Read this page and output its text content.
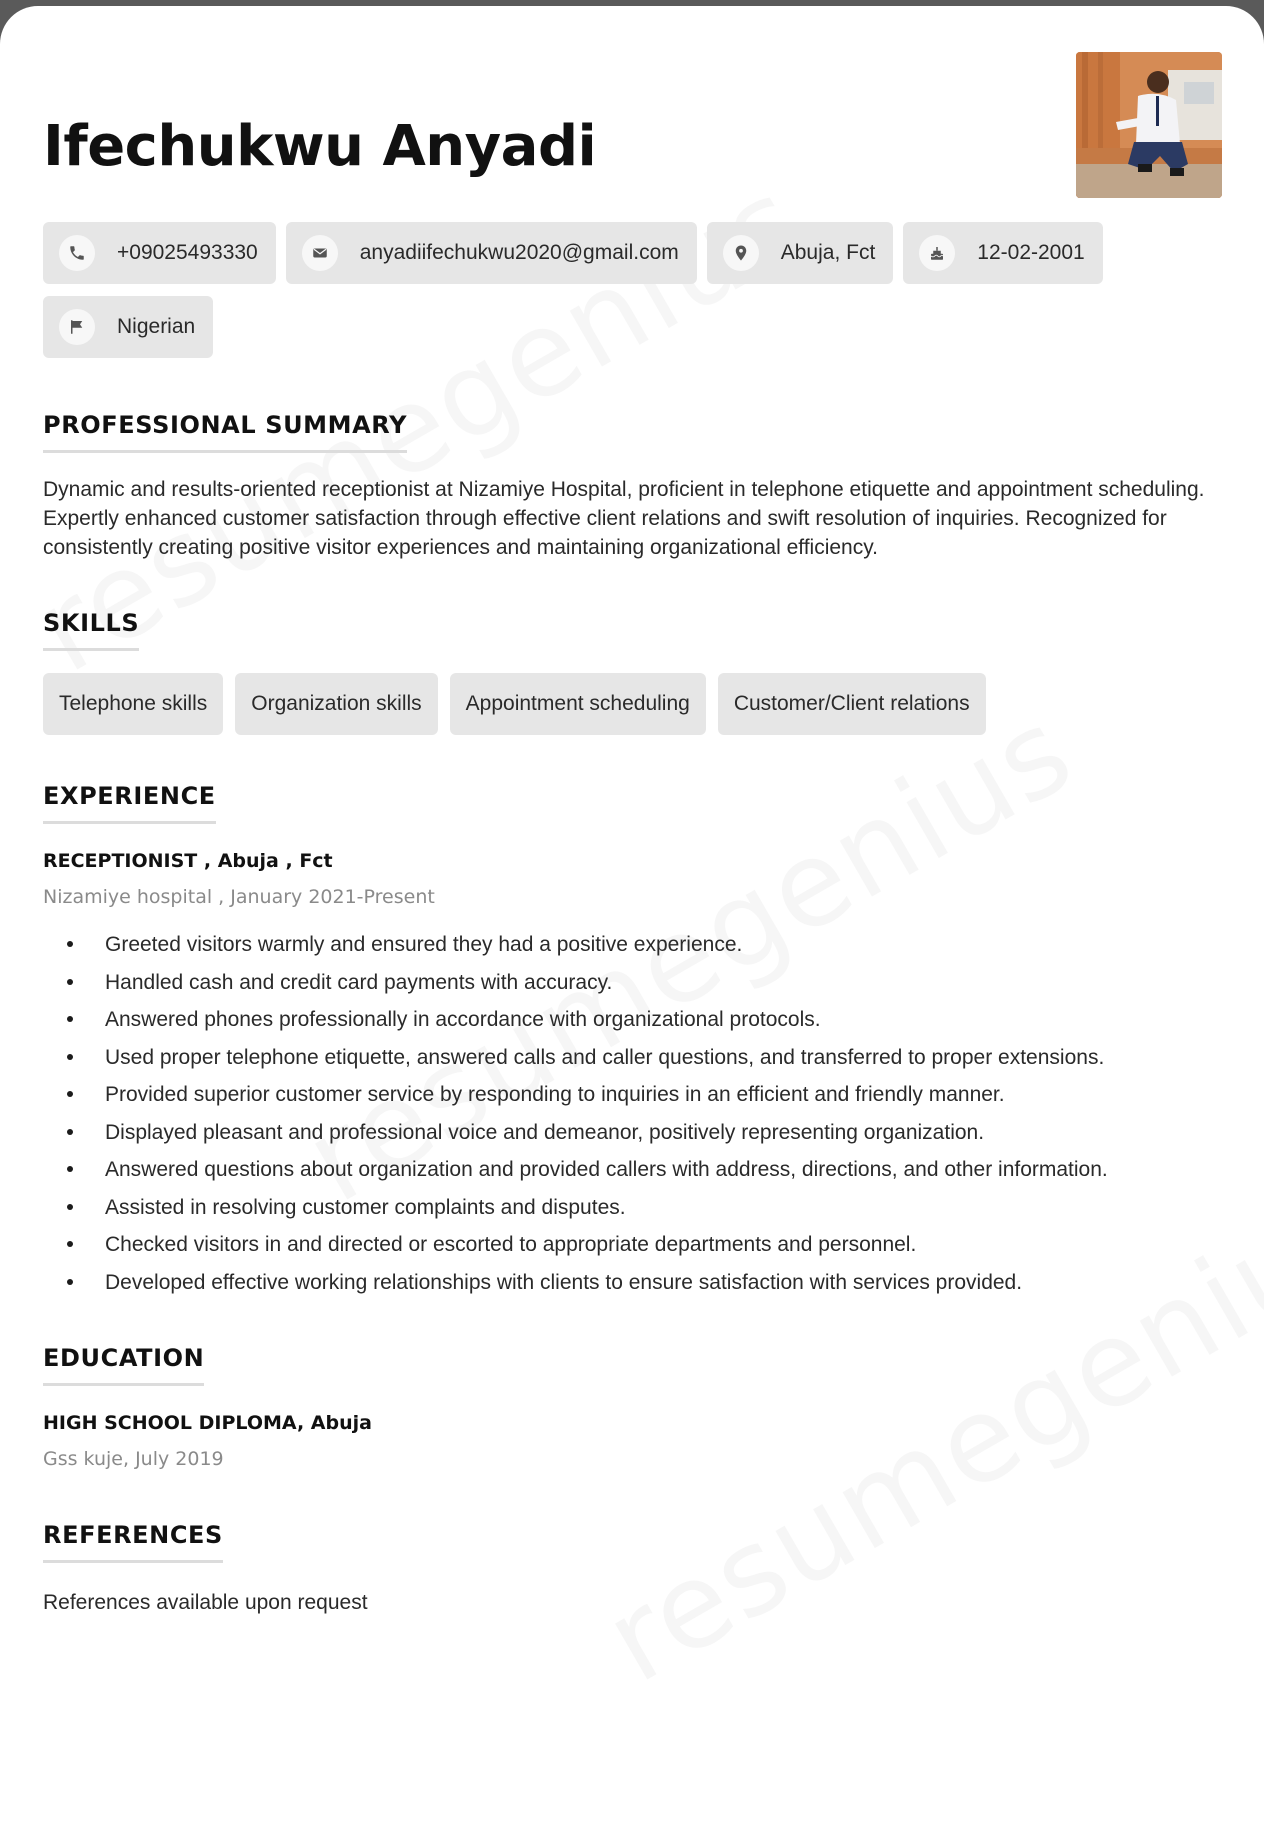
Ifechukwu Anyadi
+09025493330	anyadiifechukwu2020@gmail.com	Abuja, Fct	12-02-2001
Nigerian
PROFESSIONAL SUMMARY

Dynamic and results-oriented receptionist at Nizamiye Hospital, proficient in telephone etiquette and appointment scheduling. Expertly enhanced customer satisfaction through effective client relations and swift resolution of inquiries. Recognized for consistently creating positive visitor experiences and maintaining organizational efficiency.

SKILLS
Telephone skills	Organization skills	Appointment scheduling	Customer/Client relations
EXPERIENCE
RECEPTIONIST , Abuja , Fct
Nizamiye hospital , January 2021-Present
Greeted visitors warmly and ensured they had a positive experience.
Handled cash and credit card payments with accuracy.
Answered phones professionally in accordance with organizational protocols.
Used proper telephone etiquette, answered calls and caller questions, and transferred to proper extensions.
Provided superior customer service by responding to inquiries in an efficient and friendly manner.
Displayed pleasant and professional voice and demeanor, positively representing organization.
Answered questions about organization and provided callers with address, directions, and other information.
Assisted in resolving customer complaints and disputes.
Checked visitors in and directed or escorted to appropriate departments and personnel.
Developed effective working relationships with clients to ensure satisfaction with services provided.
EDUCATION
HIGH SCHOOL DIPLOMA, Abuja
Gss kuje, July 2019
REFERENCES
References available upon request
